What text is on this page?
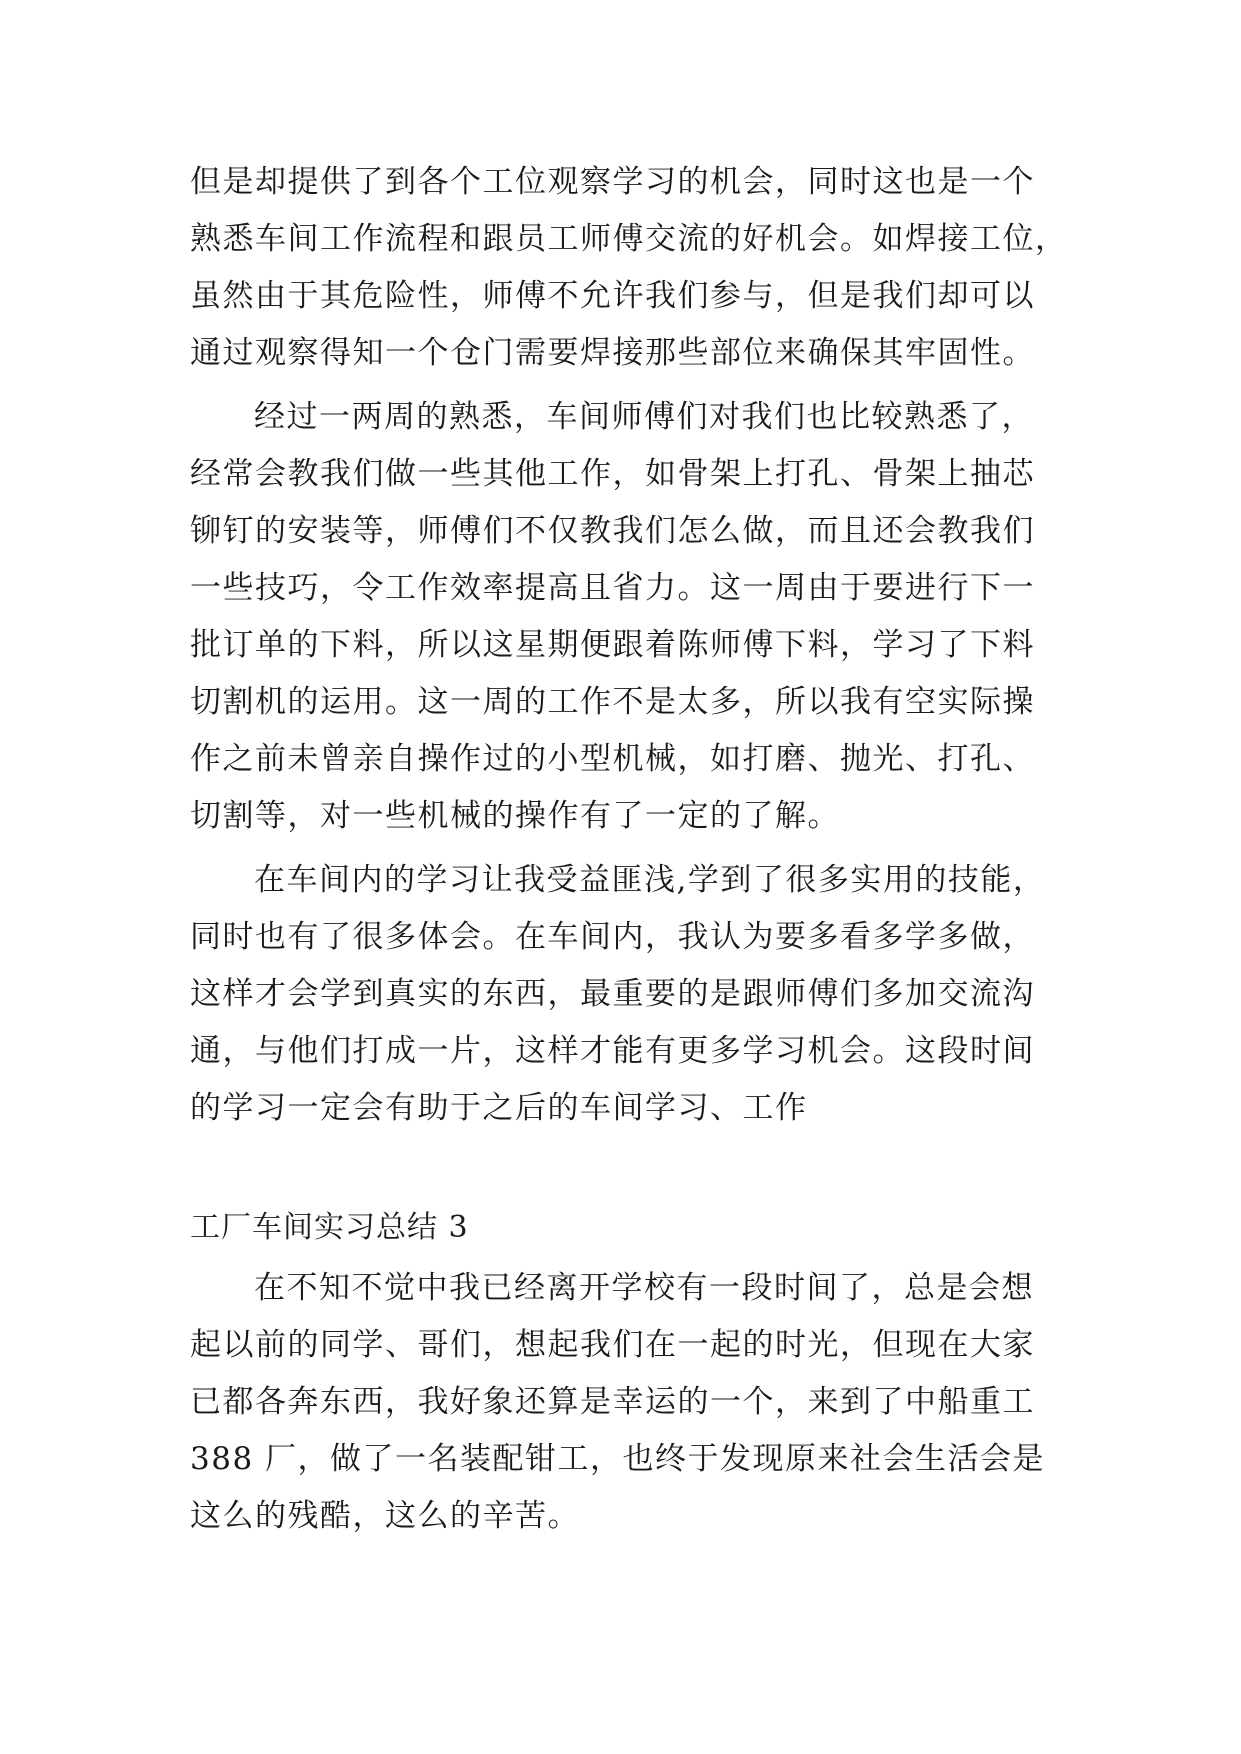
但是却提供了到各个工位观察学习的机会，同时这也是一个
熟悉车间工作流程和跟员工师傅交流的好机会。如焊接工位，
虽然由于其危险性，师傅不允许我们参与，但是我们却可以
通过观察得知一个仓门需要焊接那些部位来确保其牢固性。
经过一两周的熟悉，车间师傅们对我们也比较熟悉了，
经常会教我们做一些其他工作，如骨架上打孔、骨架上抽芯
铆钉的安装等，师傅们不仅教我们怎么做，而且还会教我们
一些技巧，令工作效率提高且省力。这一周由于要进行下一
批订单的下料，所以这星期便跟着陈师傅下料，学习了下料
切割机的运用。这一周的工作不是太多，所以我有空实际操
作之前未曾亲自操作过的小型机械，如打磨、抛光、打孔、
切割等，对一些机械的操作有了一定的了解。
在车间内的学习让我受益匪浅,学到了很多实用的技能，
同时也有了很多体会。在车间内，我认为要多看多学多做，
这样才会学到真实的东西，最重要的是跟师傅们多加交流沟
通，与他们打成一片，这样才能有更多学习机会。这段时间
的学习一定会有助于之后的车间学习、工作
工厂车间实习总结 3
在不知不觉中我已经离开学校有一段时间了，总是会想
起以前的同学、哥们，想起我们在一起的时光，但现在大家
已都各奔东西，我好象还算是幸运的一个，来到了中船重工
388 厂，做了一名装配钳工，也终于发现原来社会生活会是
这么的残酷，这么的辛苦。
